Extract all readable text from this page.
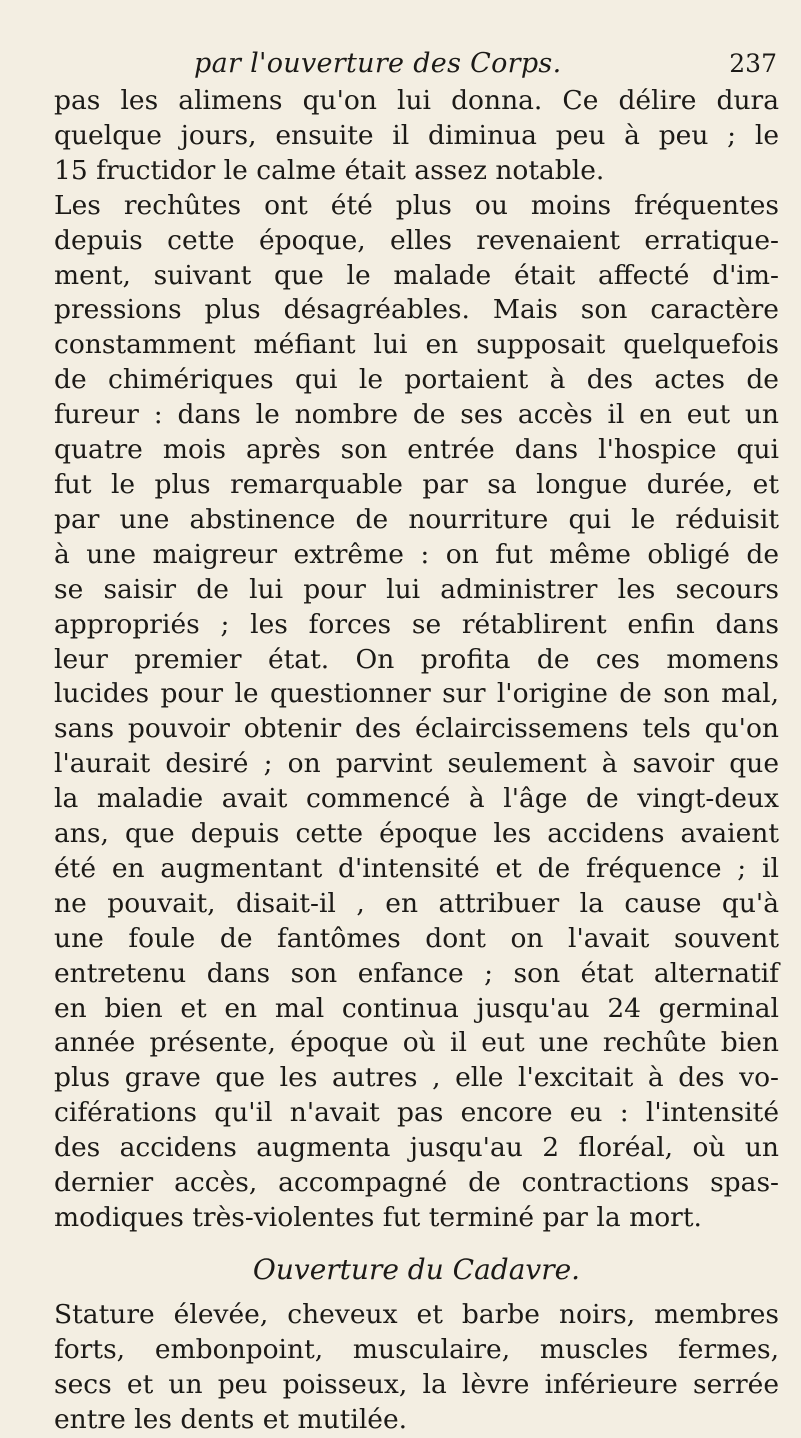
par l'ouverture des Corps.	237

pas les alimens qu'on lui donna. Ce délire dura
quelque jours, ensuite il diminua peu à peu ; le
15 fructidor le calme était assez notable.

Les rechûtes ont été plus ou moins fréquentes
depuis cette époque, elles revenaient erratique-
ment, suivant que le malade était affecté d'im-
pressions plus désagréables. Mais son caractère
constamment méfiant lui en supposait quelquefois
de chimériques qui le portaient à des actes de
fureur : dans le nombre de ses accès il en eut un
quatre mois après son entrée dans l'hospice qui
fut le plus remarquable par sa longue durée, et
par une abstinence de nourriture qui le réduisit
à une maigreur extrême : on fut même obligé de
se saisir de lui pour lui administrer les secours
appropriés ; les forces se rétablirent enfin dans
leur premier état. On profita de ces momens
lucides pour le questionner sur l'origine de son mal,
sans pouvoir obtenir des éclaircissemens tels qu'on
l'aurait desiré ; on parvint seulement à savoir que
la maladie avait commencé à l'âge de vingt-deux
ans, que depuis cette époque les accidens avaient
été en augmentant d'intensité et de fréquence ; il
ne pouvait, disait-il , en attribuer la cause qu'à
une foule de fantômes dont on l'avait souvent
entretenu dans son enfance ; son état alternatif
en bien et en mal continua jusqu'au 24 germinal
année présente, époque où il eut une rechûte bien
plus grave que les autres , elle l'excitait à des vo-
ciférations qu'il n'avait pas encore eu : l'intensité
des accidens augmenta jusqu'au 2 floréal, où un
dernier accès, accompagné de contractions spas-
modiques très-violentes fut terminé par la mort.

Ouverture du Cadavre.

Stature élevée, cheveux et barbe noirs, membres
forts, embonpoint, musculaire, muscles fermes,
secs et un peu poisseux, la lèvre inférieure serrée
entre les dents et mutilée.
